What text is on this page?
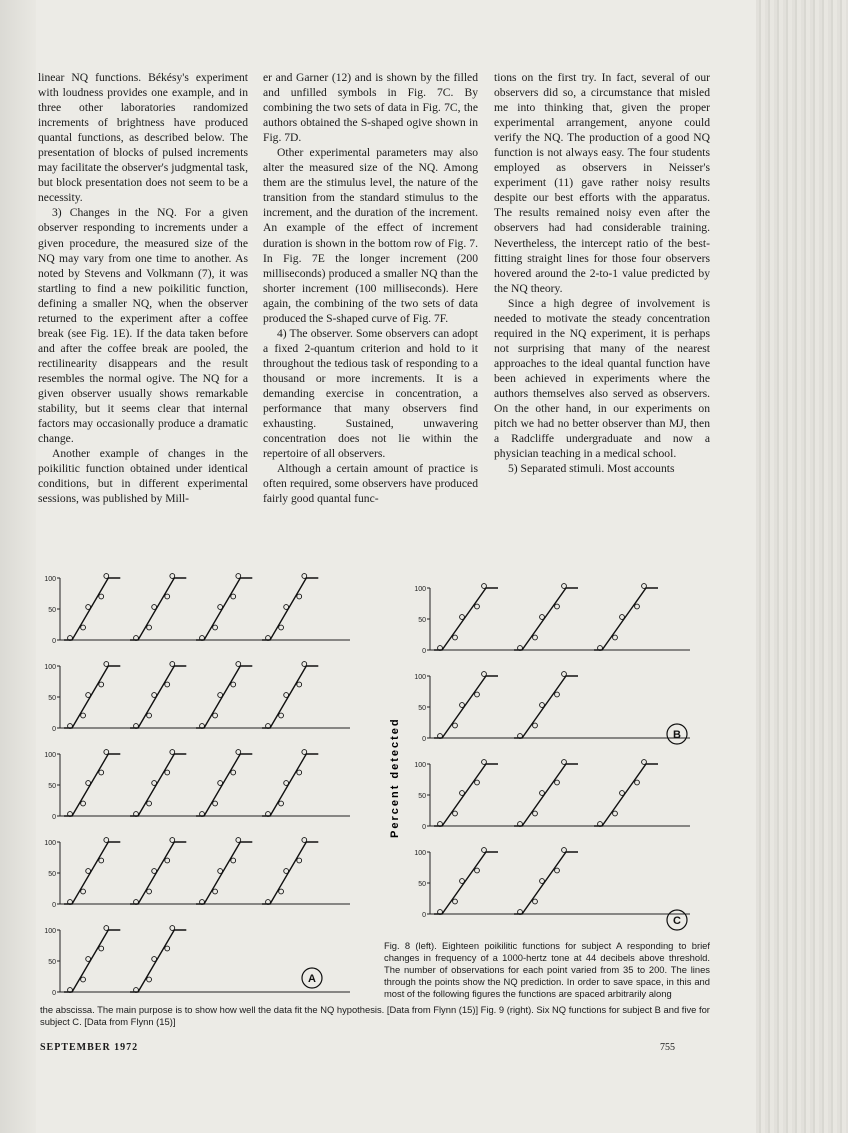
linear NQ functions. Békésy's experiment with loudness provides one example, and in three other laboratories randomized increments of brightness have produced quantal functions, as described below. The presentation of blocks of pulsed increments may facilitate the observer's judgmental task, but block presentation does not seem to be a necessity.

3) Changes in the NQ. For a given observer responding to increments under a given procedure, the measured size of the NQ may vary from one time to another. As noted by Stevens and Volkmann (7), it was startling to find a new poikilitic function, defining a smaller NQ, when the observer returned to the experiment after a coffee break (see Fig. 1E). If the data taken before and after the coffee break are pooled, the rectilinearity disappears and the result resembles the normal ogive. The NQ for a given observer usually shows remarkable stability, but it seems clear that internal factors may occasionally produce a dramatic change.

Another example of changes in the poikilitic function obtained under identical conditions, but in different experimental sessions, was published by Mill-

er and Garner (12) and is shown by the filled and unfilled symbols in Fig. 7C. By combining the two sets of data in Fig. 7C, the authors obtained the S-shaped ogive shown in Fig. 7D.

Other experimental parameters may also alter the measured size of the NQ. Among them are the stimulus level, the nature of the transition from the standard stimulus to the increment, and the duration of the increment. An example of the effect of increment duration is shown in the bottom row of Fig. 7. In Fig. 7E the longer increment (200 milliseconds) produced a smaller NQ than the shorter increment (100 milliseconds). Here again, the combining of the two sets of data produced the S-shaped curve of Fig. 7F.

4) The observer. Some observers can adopt a fixed 2-quantum criterion and hold to it throughout the tedious task of responding to a thousand or more increments. It is a demanding exercise in concentration, a performance that many observers find exhausting. Sustained, unwavering concentration does not lie within the repertoire of all observers.

Although a certain amount of practice is often required, some observers have produced fairly good quantal func-

tions on the first try. In fact, several of our observers did so, a circumstance that misled me into thinking that, given the proper experimental arrangement, anyone could verify the NQ. The production of a good NQ function is not always easy. The four students employed as observers in Neisser's experiment (11) gave rather noisy results despite our best efforts with the apparatus. The results remained noisy even after the observers had had considerable training. Nevertheless, the intercept ratio of the best-fitting straight lines for those four observers hovered around the 2-to-1 value predicted by the NQ theory.

Since a high degree of involvement is needed to motivate the steady concentration required in the NQ experiment, it is perhaps not surprising that many of the nearest approaches to the ideal quantal function have been achieved in experiments where the authors themselves also served as observers. On the other hand, in our experiments on pitch we had no better observer than MJ, then a Radcliffe undergraduate and now a physician teaching in a medical school.

5) Separated stimuli. Most accounts

100
50
0
100
50
0
100
50
0
100
50
0
100
50
0
A
100
50
0
100
50
0
100
50
0
100
50
0
B
C
Percent detected
Fig. 8 (left). Eighteen poikilitic functions for subject A responding to brief changes in frequency of a 1000-hertz tone at 44 decibels above threshold. The number of observations for each point varied from 35 to 200. The lines through the points show the NQ prediction. In order to save space, in this and most of the following figures the functions are spaced arbitrarily along
the abscissa. The main purpose is to show how well the data fit the NQ hypothesis. [Data from Flynn (15)] Fig. 9 (right). Six NQ functions for subject B and five for subject C. [Data from Flynn (15)]
SEPTEMBER 1972	755
